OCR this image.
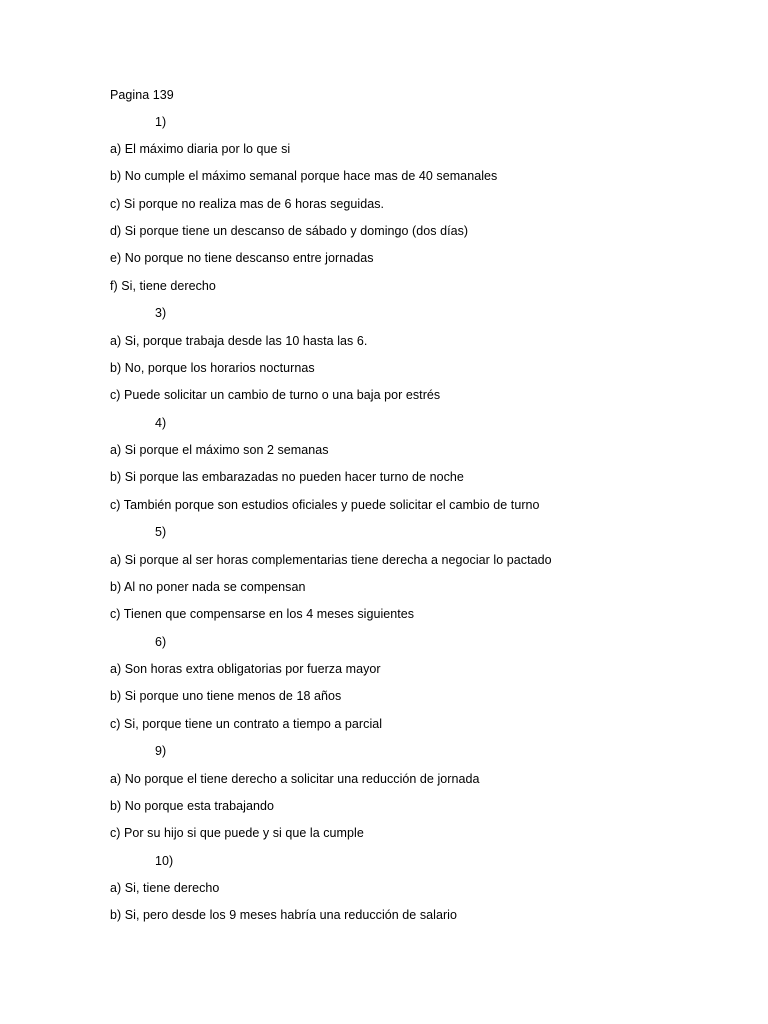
Pagina 139
1)
a) El máximo diaria por lo que si
b) No cumple el máximo semanal porque hace mas de 40 semanales
c) Si porque no realiza mas de 6 horas seguidas.
d) Si porque tiene un descanso de sábado y domingo (dos días)
e) No porque no tiene descanso entre jornadas
f) Si, tiene derecho
3)
a) Si, porque trabaja desde las 10 hasta las 6.
b) No, porque los horarios nocturnas
c) Puede solicitar un cambio de turno o una baja por estrés
4)
a) Si porque el máximo son 2 semanas
b) Si porque las embarazadas no pueden hacer turno de noche
c) También porque son estudios oficiales y puede solicitar el cambio de turno
5)
a) Si porque al ser horas complementarias tiene derecha a negociar lo pactado
b) Al no poner nada se compensan
c) Tienen que compensarse en los 4 meses siguientes
6)
a) Son horas extra obligatorias por fuerza mayor
b) Si porque uno tiene menos de 18 años
c) Si, porque tiene un contrato a tiempo a parcial
9)
a) No porque el tiene derecho a solicitar una reducción de jornada
b) No porque esta trabajando
c) Por su hijo si que puede y si que la cumple
10)
a) Si, tiene derecho
b) Si, pero desde los 9 meses habría una reducción de salario
